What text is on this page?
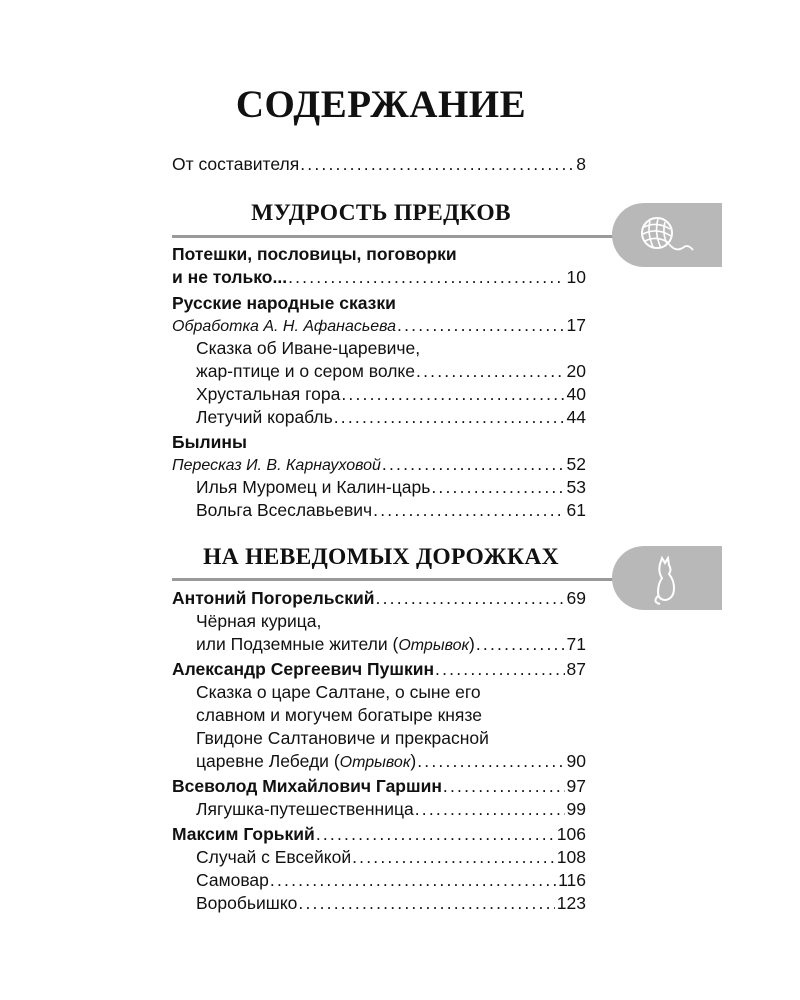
СОДЕРЖАНИЕ
От составителя .....	8
МУДРОСТЬ ПРЕДКОВ
Потешки, пословицы, поговорки
и не только... .....	10
Русские народные сказки
Обработка А. Н. Афанасьева .....	17
Сказка об Иване-царевиче,
жар-птице и о сером волке .....	20
Хрустальная гора .....	40
Летучий корабль .....	44
Былины
Пересказ И. В. Карнауховой .....	52
Илья Муромец и Калин-царь .....	53
Вольга Всеславьевич .....	61
НА НЕВЕДОМЫХ ДОРОЖКАХ
Антоний Погорельский .....	69
Чёрная курица,
или Подземные жители (Отрывок) .....	71
Александр Сергеевич Пушкин .....	87
Сказка о царе Салтане, о сыне его
славном и могучем богатыре князе
Гвидоне Салтановиче и прекрасной
царевне Лебеди (Отрывок) .....	90
Всеволод Михайлович Гаршин .....	97
Лягушка-путешественница .....	99
Максим Горький .....	106
Случай с Евсейкой .....	108
Самовар .....	116
Воробьишко .....	123
